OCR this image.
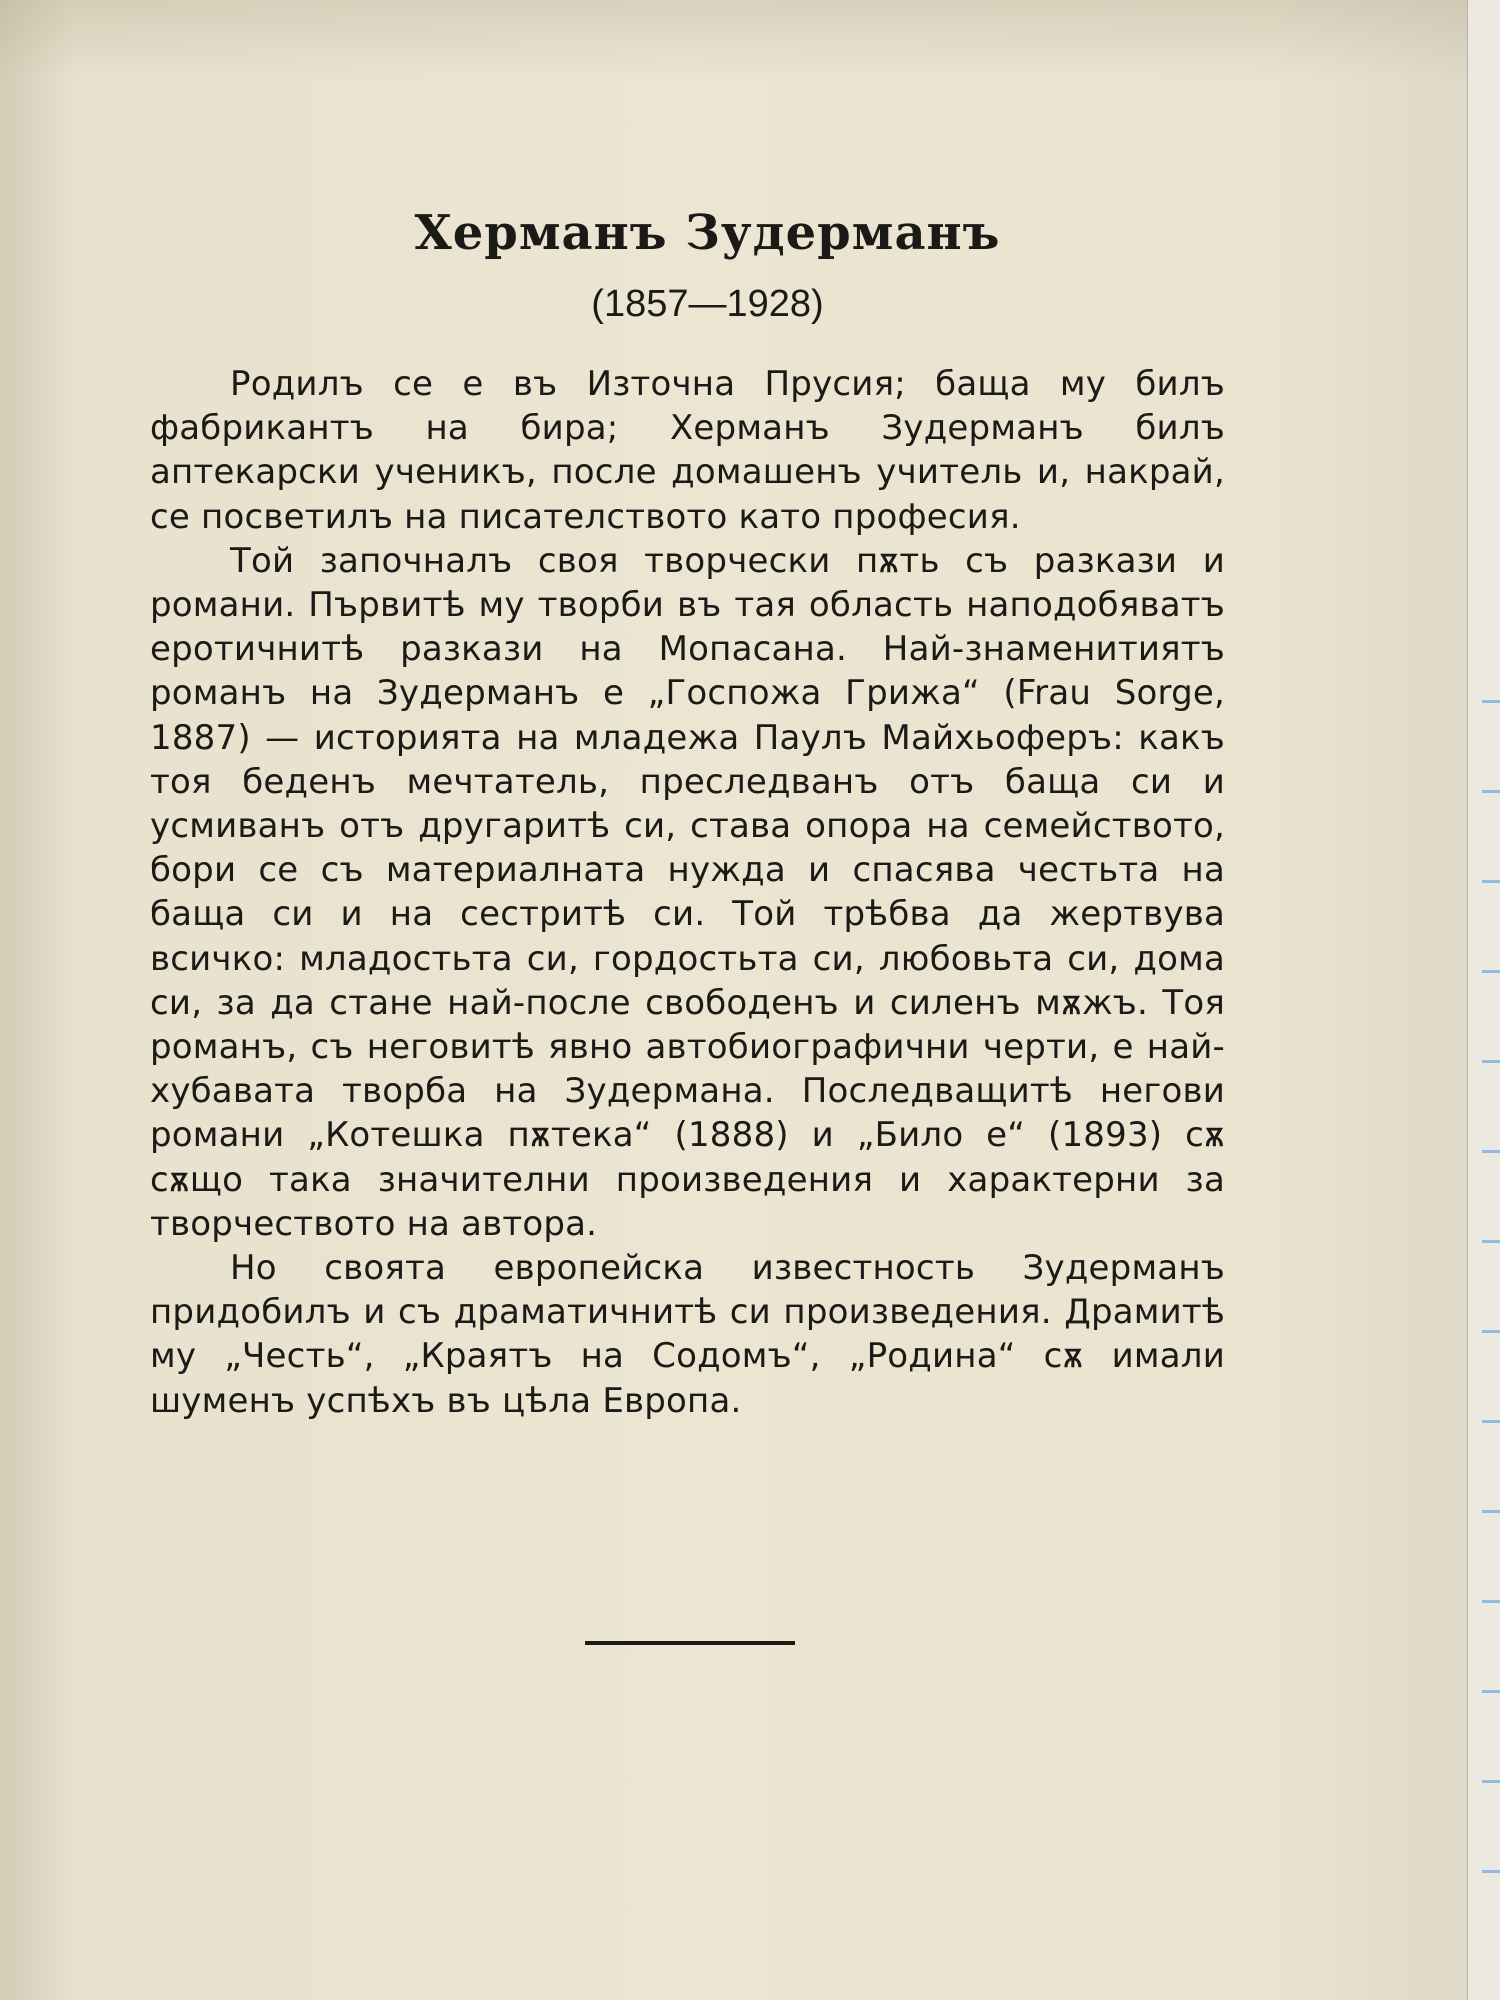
Херманъ Зудерманъ
(1857—1928)

Родилъ се е въ Източна Прусия; баща му билъ фабрикантъ на бира; Херманъ Зудерманъ билъ аптекарски ученикъ, после домашенъ учитель и, накрай, се посветилъ на писателството като професия.

Той започналъ своя творчески пѫть съ разкази и романи. Първитѣ му творби въ тая область наподобяватъ еротичнитѣ разкази на Мопасана. Най-знаменитиятъ романъ на Зудерманъ е „Госпожа Грижа“ (Frau Sorge, 1887) — историята на младежа Паулъ Майхьоферъ: какъ тоя беденъ мечтатель, преследванъ отъ баща си и усмиванъ отъ другаритѣ си, става опора на семейството, бори се съ материалната нужда и спасява честьта на баща си и на сестритѣ си. Той трѣбва да жертвува всичко: младостьта си, гордостьта си, любовьта си, дома си, за да стане най-после свободенъ и силенъ мѫжъ. Тоя романъ, съ неговитѣ явно автобиографични черти, е най-хубавата творба на Зудермана. Последващитѣ негови романи „Котешка пѫтека“ (1888) и „Било е“ (1893) сѫ сѫщо така значителни произведения и характерни за творчеството на автора.

Но своята европейска известность Зудерманъ придобилъ и съ драматичнитѣ си произведения. Драмитѣ му „Честь“, „Краятъ на Содомъ“, „Родина“ сѫ имали шуменъ успѣхъ въ цѣла Европа.
